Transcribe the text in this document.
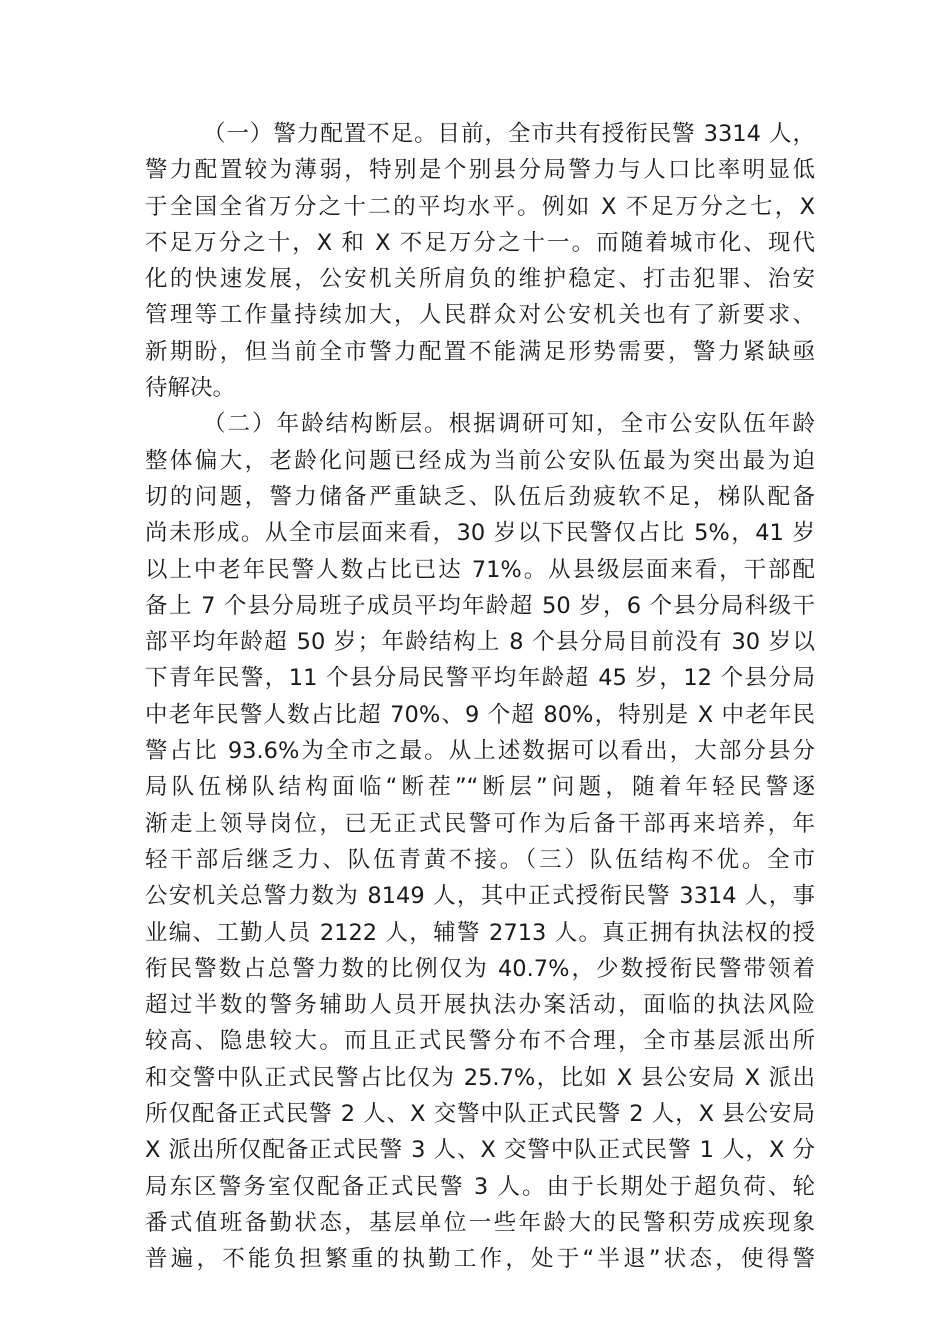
（一）警力配置不足。目前，全市共有授衔民警 3314 人，
警力配置较为薄弱，特别是个别县分局警力与人口比率明显低
于全国全省万分之十二的平均水平。例如 X 不足万分之七，X
不足万分之十，X 和 X 不足万分之十一。而随着城市化、现代
化的快速发展，公安机关所肩负的维护稳定、打击犯罪、治安
管理等工作量持续加大，人民群众对公安机关也有了新要求、
新期盼，但当前全市警力配置不能满足形势需要，警力紧缺亟
待解决。
（二）年龄结构断层。根据调研可知，全市公安队伍年龄
整体偏大，老龄化问题已经成为当前公安队伍最为突出最为迫
切的问题，警力储备严重缺乏、队伍后劲疲软不足，梯队配备
尚未形成。从全市层面来看，30 岁以下民警仅占比 5%，41 岁
以上中老年民警人数占比已达 71%。从县级层面来看，干部配
备上 7 个县分局班子成员平均年龄超 50 岁，6 个县分局科级干
部平均年龄超 50 岁；年龄结构上 8 个县分局目前没有 30 岁以
下青年民警，11 个县分局民警平均年龄超 45 岁，12 个县分局
中老年民警人数占比超 70%、9 个超 80%，特别是 X 中老年民
警占比 93.6%为全市之最。从上述数据可以看出，大部分县分
局队伍梯队结构面临“断茬”“断层”问题，随着年轻民警逐
渐走上领导岗位，已无正式民警可作为后备干部再来培养，年
轻干部后继乏力、队伍青黄不接。（三）队伍结构不优。全市
公安机关总警力数为 8149 人，其中正式授衔民警 3314 人，事
业编、工勤人员 2122 人，辅警 2713 人。真正拥有执法权的授
衔民警数占总警力数的比例仅为 40.7%，少数授衔民警带领着
超过半数的警务辅助人员开展执法办案活动，面临的执法风险
较高、隐患较大。而且正式民警分布不合理，全市基层派出所
和交警中队正式民警占比仅为 25.7%，比如 X 县公安局 X 派出
所仅配备正式民警 2 人、X 交警中队正式民警 2 人，X 县公安局
X 派出所仅配备正式民警 3 人、X 交警中队正式民警 1 人，X 分
局东区警务室仅配备正式民警 3 人。由于长期处于超负荷、轮
番式值班备勤状态，基层单位一些年龄大的民警积劳成疾现象
普遍，不能负担繁重的执勤工作，处于“半退”状态，使得警
